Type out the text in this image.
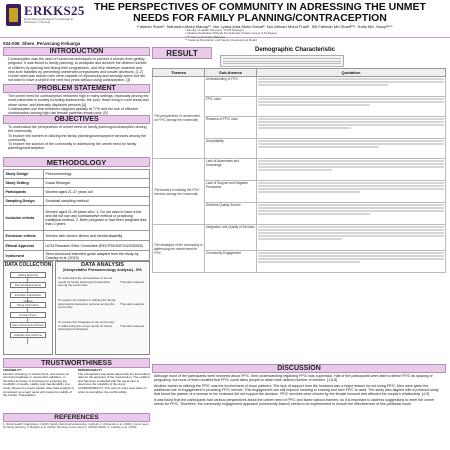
ERKKS25
Empowering Research Knowledge & Kindness in Society
THE PERSPECTIVES OF COMMUNITY IN ADRESSING THE UNMET NEEDS FOR FAMILY PLANNING/CONTRACEPTION
Fatimah Shem¹, Maharani Abdul Manap²*, Nur Lyana Aida Abdul Hanaf¹, Nur Afrinah Mohd Fuad¹, Siti Fatimah Md Sharif³**, Sofia Md. Yusop²***
¹ Faculty of Health Sciences, UiTM Selangor
² Jabatan Kesihatan Wilayah Persekutuan Kuala Lumpur & Putrajaya
³ *** Open University Malaysia
** National Population and Family Development Board
034-036_Shem_Perancang Keluarga
INTRODUCTION
• Contraception was the used of numerous techniques to prevent a woman from getting pregnant. It was linked to family planning, to anticipate and achieve the desired number of children by spacing and timing their pregnancies, and help minimize maternal and new-born fatalities by preventing unintended pregnancies and unsafe abortions. [1,2]
• Unmet need was women who were capable of reproducing and sexually active but did not want to have a child in the next two years without using contraception. [3]
PROBLEM STATEMENT
• The unmet need for contraception remained high in many settings, especially among the most vulnerable in society including adolescents, the poor, those living in rural areas and urban slums, and internally displaced persons [4]
• Contraceptive use that remained stagnant globally at 77% and the use of effective contraception among high-risk female patients remain poor. [5]
OBJECTIVES
• To understand the perspectives of unmet need on family planning/contraception among the community.
• To explore the barriers in utilizing the family planning/contraceptive services among the community.
• To explore the solution of the community in addressing the unmet need for family planning/contraception.
METHODOLOGY
Study Design	Phenomenology
Study Setting	Kuala Selangor
Participants	Women aged 21-47 years old
Sampling Design	Snowball sampling method
Inclusion criteria	Women aged 21-49 years who: 1. Do not want to have a kid and did not use any contraceptive method or practicing traditional method. 2. Been pregnant or had been pregnant less than 3 years
Exclusion criteria	Women with chronic illness and mental disability
Ethical Approval	UiTM Research Ethic Committee (REC/FSK/MF/2023/00000)
Instrument	Semi-structured interview guide adapted from the study by Crawley et al. (2019)
DATA COLLECTION
Ethics Approval
Recruit Respondents
Inclusion & Exclusion Criteria
Study Information
Consent Form
Semi-structured Interview
Analysis and Outcome
DATA ANALYSIS
(Interpretative Phenomenology Analysis) - IPA
To understand the perspectives of unmet needs for family planning/contraception among the community.
Thematic analysis
To explore the barriers in utilizing the family planning/contraceptive services among the community.
Thematic analysis
To explore the strategies of the community in addressing the unmet needs for family planning/contraception.
Thematic analysis
TRUSTWORTHINESS
CREDIBILITY
Member checking, in verbal check, was known as informant feedback or respondent validation, in checking accuracy. A technique for exploring the credibility of results, validity and transferability of a study. Review for expert panels. After data analysis is completed, an expert panel will review the validity of the results. Triangulation.
DEPENDABILITY
The researchers was audio-taped with the transcribed data for the accuracy of the transcription. The codified and has been evaluated with the supervisor to determine the reliability of the study. CONFIRMABILITY: Two sets of notes were taken in order to strengthen the confirmability.
REFERENCES
1. World Health Organization. (2023). Family planning/contraception methods. 2. Ahinkorah et al. (2020). Unmet need for family planning. 3. Bradley et al. (2012). Revising unmet need. 4. UNFPA (2022). 5. Crawley et al. (2019).
RESULT	Demographic Characteristic
Themes	Sub-themes	Quotation
The perspectives of unmet need on FP/C among the community	Understanding of FP/C	

	FP/C uses	

	Reasons of FP/C uses	

	Acceptability	

The barriers in utilizing the FP/C services among the community	Lack of Awareness and Knowledge	

	Lack of Support and Negative Perception	

	Deficient Quality Service	

The strategies of the community in addressing the unmet need for FP/C	Integration and Quality of Services	

	Community Engagement	
DISCUSSION

Although most of the participants were informed about FP/C, their understanding regarding FP/C was superficial. Half of the participants were able to define FP/C as spacing of pregnancy, but none of them recalled that FP/C could allow people to attain their desired number of children. [1,6,8]

Another barrier to utilizing the FP/C was the involvement of close partners. The lack of support from the husband was a major reason for not using FP/C. Men were given the traditional role of engagement in providing FP/C service. This engagement can still improve meeting or sharing and then FP/C is used. The study also aligned with a previous study that found the partner of a woman or her husband did not support the decision. FP/C services were chosen by the female focused and affected the couple's relationship. [4,9]

It was found that the participants had various perspectives about the unmet need of FP/C and faced various barriers, so it is important to address suggestions to meet the unmet needs for FP/C. Therefore, the community engagement approach (community-based) needs to be implemented to ensure the effectiveness of this particular issue.
